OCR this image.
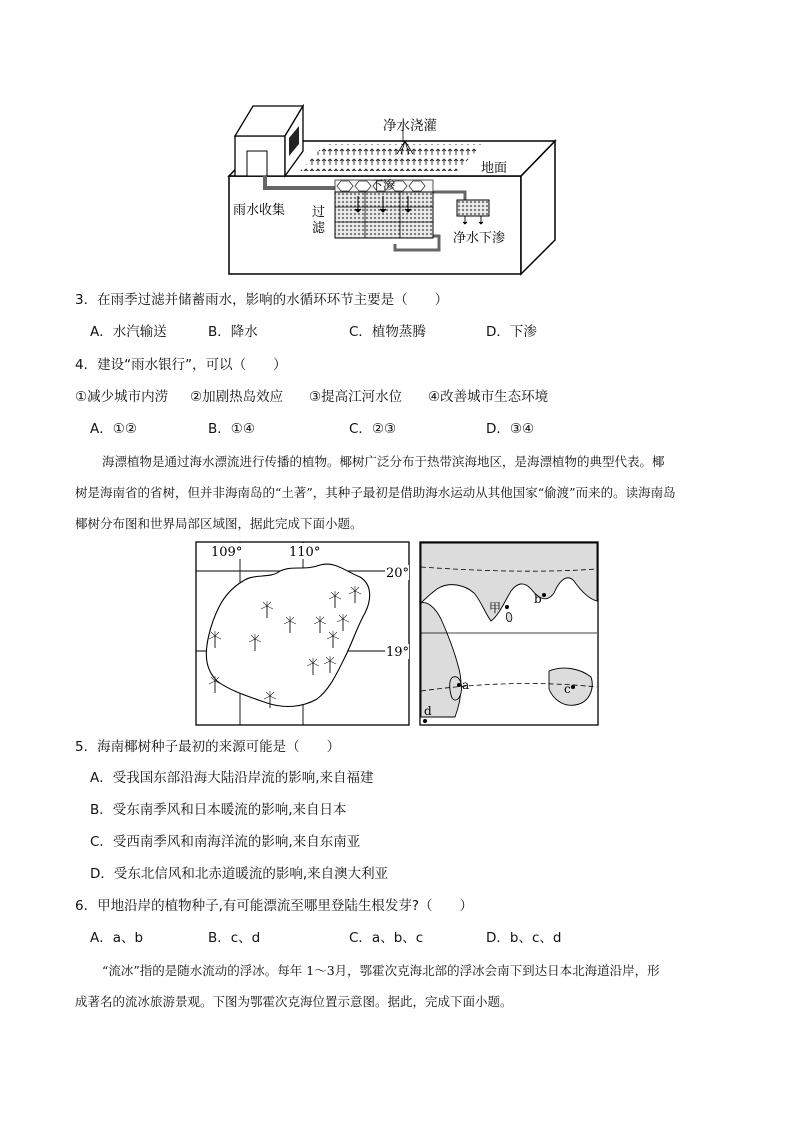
净水浇灌
地面
下渗
雨水收集 过
滤
净水下渗
3．在雨季过滤并储蓄雨水，影响的水循环环节主要是（　　）
A．水汽输送	B．降水	C．植物蒸腾	D．下渗
4．建设“雨水银行”，可以（　　）
①减少城市内涝 ②加剧热岛效应 ③提高江河水位 ④改善城市生态环境
A．①②	B．①④	C．②③	D．③④
海漂植物是通过海水漂流进行传播的植物。椰树广泛分布于热带滨海地区，是海漂植物的典型代表。椰
树是海南省的省树，但并非海南岛的“土著”，其种子最初是借助海水运动从其他国家“偷渡”而来的。读海南岛
椰树分布图和世界局部区域图，据此完成下面小题。
109°	110°
20°
19°
甲
b
a	c
d
5．海南椰树种子最初的来源可能是（　　）
A．受我国东部沿海大陆沿岸流的影响,来自福建
B．受东南季风和日本暖流的影响,来自日本
C．受西南季风和南海洋流的影响,来自东南亚
D．受东北信风和北赤道暖流的影响,来自澳大利亚
6．甲地沿岸的植物种子,有可能漂流至哪里登陆生根发芽?（　　）
A．a、b	B．c、d	C．a、b、c	D．b、c、d
“流冰”指的是随水流动的浮冰。每年 1～3月，鄂霍次克海北部的浮冰会南下到达日本北海道沿岸，形
成著名的流冰旅游景观。下图为鄂霍次克海位置示意图。据此，完成下面小题。
